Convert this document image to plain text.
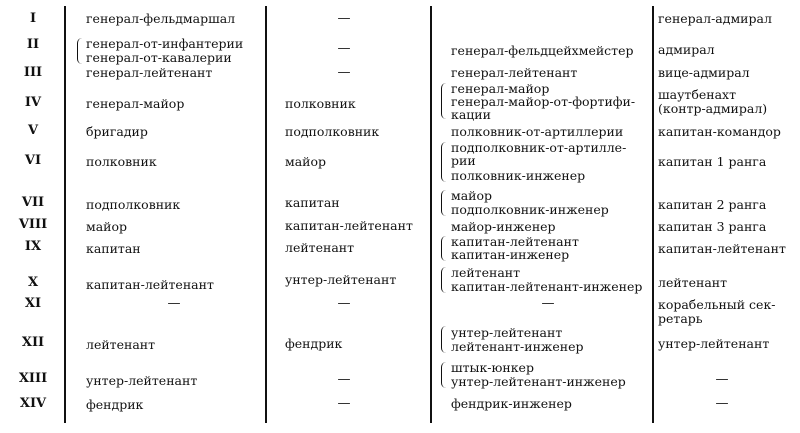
I
II
III
IV
V
VI
VII
VIII
IX
X
XI
XII
XIII
XIV
генерал-фельдмаршал
генерал-от-инфантерии
генерал-от-кавалерии
генерал-лейтенант
генерал-майор
бригадир
полковник
подполковник
майор
капитан
капитан-лейтенант
—
лейтенант
унтер-лейтенант
фендрик
—
—
—
полковник
подполковник
майор
капитан
капитан-лейтенант
лейтенант
унтер-лейтенант
—
фендрик
—
—
генерал-фельдцейхмейстер
генерал-лейтенант
генерал-майор
генерал-майор-от-фортифи-
кации
полковник-от-артиллерии
подполковник-от-артилле-
рии
полковник-инженер
майор
подполковник-инженер
майор-инженер
капитан-лейтенант
капитан-инженер
лейтенант
капитан-лейтенант-инженер
—
унтер-лейтенант
лейтенант-инженер
штык-юнкер
унтер-лейтенант-инженер
фендрик-инженер
генерал-адмирал
адмирал
вице-адмирал
шаутбенахт
(контр-адмирал)
капитан-командор
капитан 1 ранга
капитан 2 ранга
капитан 3 ранга
капитан-лейтенант
лейтенант
корабельный сек-
ретарь
унтер-лейтенант
—
—
